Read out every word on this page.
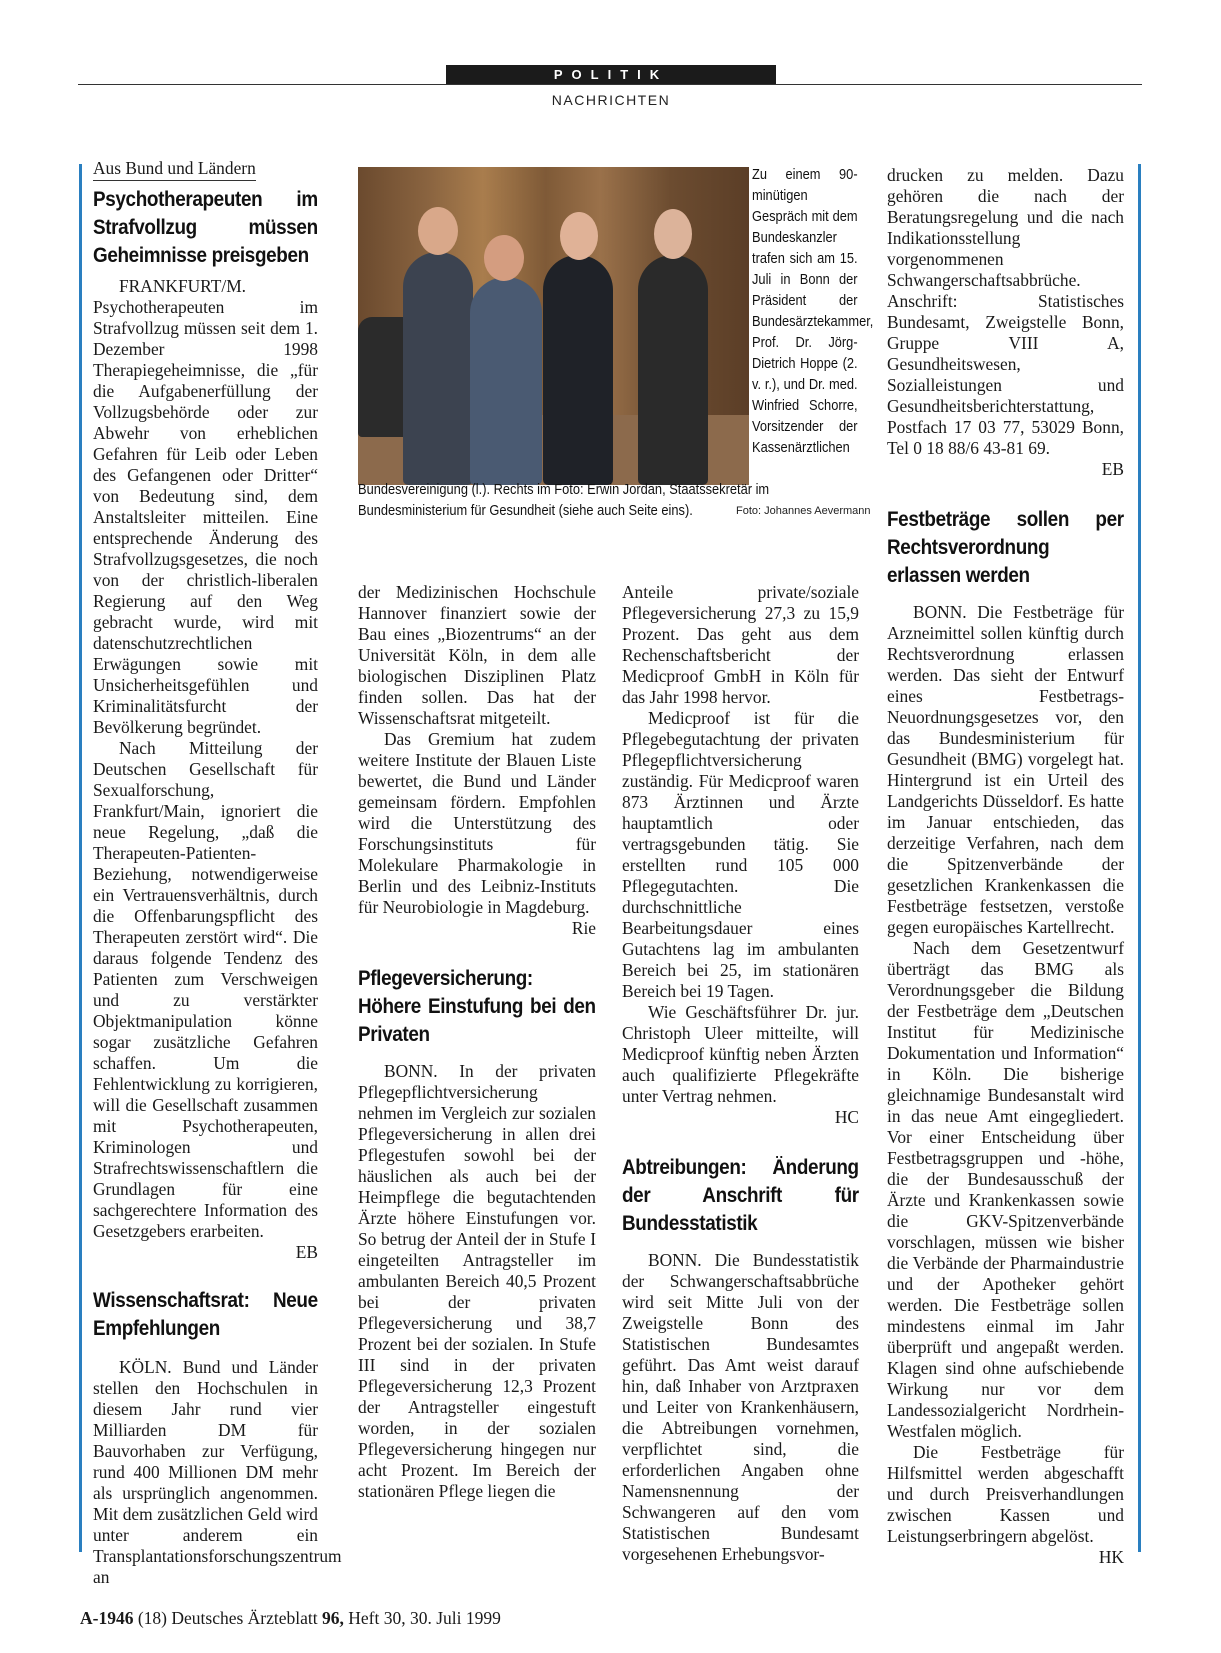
POLITIK
NACHRICHTEN
Aus Bund und Ländern
Psychotherapeuten im Strafvollzug müssen Geheimnisse preisgeben

FRANKFURT/M. Psychotherapeuten im Strafvollzug müssen seit dem 1. Dezember 1998 Therapiegeheimnisse, die „für die Aufgabenerfüllung der Vollzugsbehörde oder zur Abwehr von erheblichen Gefahren für Leib oder Leben des Gefangenen oder Dritter“ von Bedeutung sind, dem Anstaltsleiter mitteilen. Eine entsprechende Änderung des Strafvollzugsgesetzes, die noch von der christlich-liberalen Regierung auf den Weg gebracht wurde, wird mit datenschutzrechtlichen Erwägungen sowie mit Unsicherheitsgefühlen und Kriminalitätsfurcht der Bevölkerung begründet.

Nach Mitteilung der Deutschen Gesellschaft für Sexualforschung, Frankfurt/Main, ignoriert die neue Regelung, „daß die Therapeuten-Patienten-Beziehung, notwendigerweise ein Vertrauensverhältnis, durch die Offenbarungspflicht des Therapeuten zerstört wird“. Die daraus folgende Tendenz des Patienten zum Verschweigen und zu verstärkter Objektmanipulation könne sogar zusätzliche Gefahren schaffen. Um die Fehlentwicklung zu korrigieren, will die Gesellschaft zusammen mit Psychotherapeuten, Kriminologen und Strafrechtswissenschaftlern die Grundlagen für eine sachgerechtere Information des Gesetzgebers erarbeiten.

EB
Wissenschaftsrat: Neue Empfehlungen

KÖLN. Bund und Länder stellen den Hochschulen in diesem Jahr rund vier Milliarden DM für Bauvorhaben zur Verfügung, rund 400 Millionen DM mehr als ursprünglich angenommen. Mit dem zusätzlichen Geld wird unter anderem ein Transplantationsforschungszentrum an

Zu einem 90-minütigen Gespräch mit dem Bundeskanzler trafen sich am 15. Juli in Bonn der Präsident der Bundesärztekammer, Prof. Dr. Jörg-Dietrich Hoppe (2. v. r.), und Dr. med. Winfried Schorre, Vorsitzender der Kassenärztlichen
Bundesvereinigung (l.). Rechts im Foto: Erwin Jordan, Staatssekretär im Bundesministerium für Gesundheit (siehe auch Seite eins).	Foto: Johannes Aevermann

der Medizinischen Hochschule Hannover finanziert sowie der Bau eines „Biozentrums“ an der Universität Köln, in dem alle biologischen Disziplinen Platz finden sollen. Das hat der Wissenschaftsrat mitgeteilt.

Das Gremium hat zudem weitere Institute der Blauen Liste bewertet, die Bund und Länder gemeinsam fördern. Empfohlen wird die Unterstützung des Forschungsinstituts für Molekulare Pharmakologie in Berlin und des Leibniz-Instituts für Neurobiologie in Magdeburg.

Rie
Pflegeversicherung: Höhere Einstufung bei den Privaten

BONN. In der privaten Pflegepflichtversicherung nehmen im Vergleich zur sozialen Pflegeversicherung in allen drei Pflegestufen sowohl bei der häuslichen als auch bei der Heimpflege die begutachtenden Ärzte höhere Einstufungen vor. So betrug der Anteil der in Stufe I eingeteilten Antragsteller im ambulanten Bereich 40,5 Prozent bei der privaten Pflegeversicherung und 38,7 Prozent bei der sozialen. In Stufe III sind in der privaten Pflegeversicherung 12,3 Prozent der Antragsteller eingestuft worden, in der sozialen Pflegeversicherung hingegen nur acht Prozent. Im Bereich der stationären Pflege liegen die

Anteile private/soziale Pflegeversicherung 27,3 zu 15,9 Prozent. Das geht aus dem Rechenschaftsbericht der Medicproof GmbH in Köln für das Jahr 1998 hervor.

Medicproof ist für die Pflegebegutachtung der privaten Pflegepflichtversicherung zuständig. Für Medicproof waren 873 Ärztinnen und Ärzte hauptamtlich oder vertragsgebunden tätig. Sie erstellten rund 105 000 Pflegegutachten. Die durchschnittliche Bearbeitungsdauer eines Gutachtens lag im ambulanten Bereich bei 25, im stationären Bereich bei 19 Tagen.

Wie Geschäftsführer Dr. jur. Christoph Uleer mitteilte, will Medicproof künftig neben Ärzten auch qualifizierte Pflegekräfte unter Vertrag nehmen.

HC
Abtreibungen: Änderung der Anschrift für Bundesstatistik

BONN. Die Bundesstatistik der Schwangerschaftsabbrüche wird seit Mitte Juli von der Zweigstelle Bonn des Statistischen Bundesamtes geführt. Das Amt weist darauf hin, daß Inhaber von Arztpraxen und Leiter von Krankenhäusern, die Abtreibungen vornehmen, verpflichtet sind, die erforderlichen Angaben ohne Namensnennung der Schwangeren auf den vom Statistischen Bundesamt vorgesehenen Erhebungsvor-

drucken zu melden. Dazu gehören die nach der Beratungsregelung und die nach Indikationsstellung vorgenommenen Schwangerschaftsabbrüche. Anschrift: Statistisches Bundesamt, Zweigstelle Bonn, Gruppe VIII A, Gesundheitswesen, Sozialleistungen und Gesundheitsberichterstattung, Postfach 17 03 77, 53029 Bonn, Tel 0 18 88/6 43-81 69.

EB
Festbeträge sollen per Rechtsverordnung erlassen werden

BONN. Die Festbeträge für Arzneimittel sollen künftig durch Rechtsverordnung erlassen werden. Das sieht der Entwurf eines Festbetrags-Neuordnungsgesetzes vor, den das Bundesministerium für Gesundheit (BMG) vorgelegt hat. Hintergrund ist ein Urteil des Landgerichts Düsseldorf. Es hatte im Januar entschieden, das derzeitige Verfahren, nach dem die Spitzenverbände der gesetzlichen Krankenkassen die Festbeträge festsetzen, verstoße gegen europäisches Kartellrecht.

Nach dem Gesetzentwurf überträgt das BMG als Verordnungsgeber die Bildung der Festbeträge dem „Deutschen Institut für Medizinische Dokumentation und Information“ in Köln. Die bisherige gleichnamige Bundesanstalt wird in das neue Amt eingegliedert. Vor einer Entscheidung über Festbetragsgruppen und -höhe, die der Bundesausschuß der Ärzte und Krankenkassen sowie die GKV-Spitzenverbände vorschlagen, müssen wie bisher die Verbände der Pharmaindustrie und der Apotheker gehört werden. Die Festbeträge sollen mindestens einmal im Jahr überprüft und angepaßt werden. Klagen sind ohne aufschiebende Wirkung nur vor dem Landessozialgericht Nordrhein-Westfalen möglich.

Die Festbeträge für Hilfsmittel werden abgeschafft und durch Preisverhandlungen zwischen Kassen und Leistungserbringern abgelöst.

HK
A-1946 (18) Deutsches Ärzteblatt 96, Heft 30, 30. Juli 1999
